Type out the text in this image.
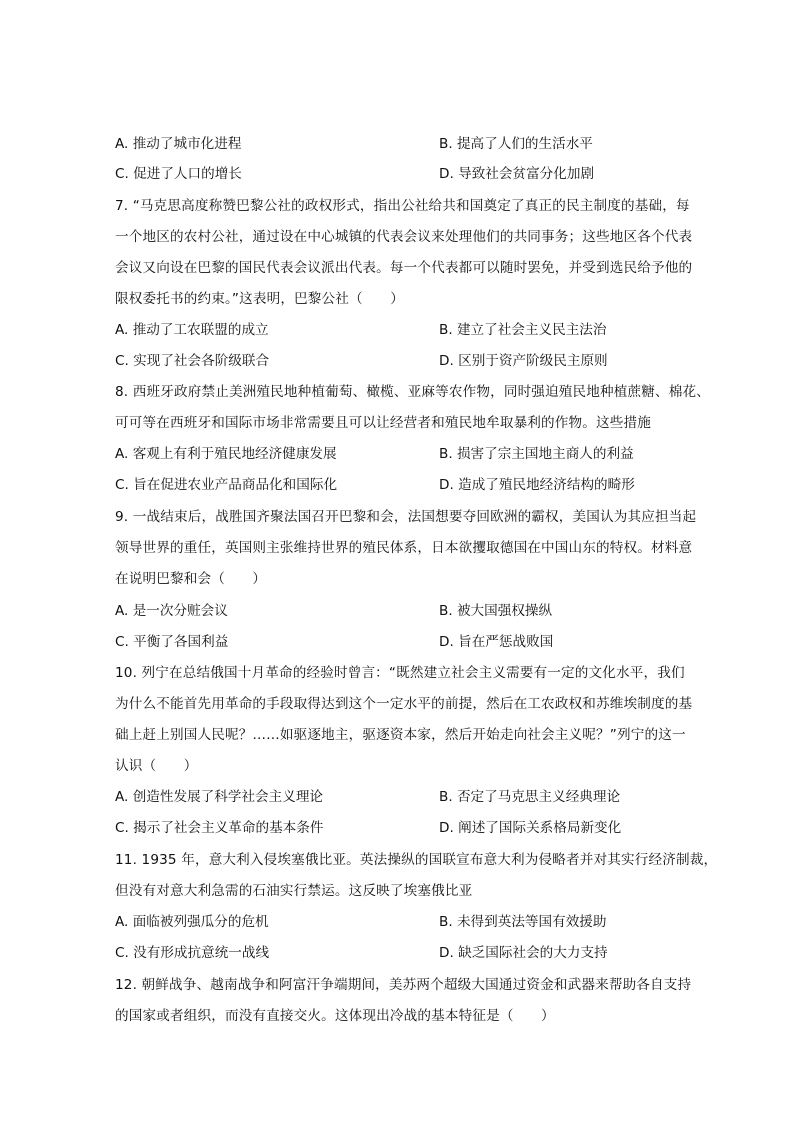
A. 推动了城市化进程	B. 提高了人们的生活水平
C. 促进了人口的增长	D. 导致社会贫富分化加剧
7. “马克思高度称赞巴黎公社的政权形式，指出公社给共和国奠定了真正的民主制度的基础，每
一个地区的农村公社，通过设在中心城镇的代表会议来处理他们的共同事务；这些地区各个代表
会议又向设在巴黎的国民代表会议派出代表。每一个代表都可以随时罢免，并受到选民给予他的
限权委托书的约束。”这表明，巴黎公社（　　）
A. 推动了工农联盟的成立	B. 建立了社会主义民主法治
C. 实现了社会各阶级联合	D. 区别于资产阶级民主原则
8. 西班牙政府禁止美洲殖民地种植葡萄、橄榄、亚麻等农作物，同时强迫殖民地种植蔗糖、棉花、
可可等在西班牙和国际市场非常需要且可以让经营者和殖民地牟取暴利的作物。这些措施
A. 客观上有利于殖民地经济健康发展	B. 损害了宗主国地主商人的利益
C. 旨在促进农业产品商品化和国际化	D. 造成了殖民地经济结构的畸形
9. 一战结束后，战胜国齐聚法国召开巴黎和会，法国想要夺回欧洲的霸权，美国认为其应担当起
领导世界的重任，英国则主张维持世界的殖民体系，日本欲攫取德国在中国山东的特权。材料意
在说明巴黎和会（　　）
A. 是一次分赃会议	B. 被大国强权操纵
C. 平衡了各国利益	D. 旨在严惩战败国
10. 列宁在总结俄国十月革命的经验时曾言：“既然建立社会主义需要有一定的文化水平，我们
为什么不能首先用革命的手段取得达到这个一定水平的前提，然后在工农政权和苏维埃制度的基
础上赶上别国人民呢？……如驱逐地主，驱逐资本家，然后开始走向社会主义呢？”列宁的这一
认识（　　）
A. 创造性发展了科学社会主义理论	B. 否定了马克思主义经典理论
C. 揭示了社会主义革命的基本条件	D. 阐述了国际关系格局新变化
11. 1935 年，意大利入侵埃塞俄比亚。英法操纵的国联宣布意大利为侵略者并对其实行经济制裁，
但没有对意大利急需的石油实行禁运。这反映了埃塞俄比亚
A. 面临被列强瓜分的危机	B. 未得到英法等国有效援助
C. 没有形成抗意统一战线	D. 缺乏国际社会的大力支持
12. 朝鲜战争、越南战争和阿富汗争端期间，美苏两个超级大国通过资金和武器来帮助各自支持
的国家或者组织，而没有直接交火。这体现出冷战的基本特征是（　　）
